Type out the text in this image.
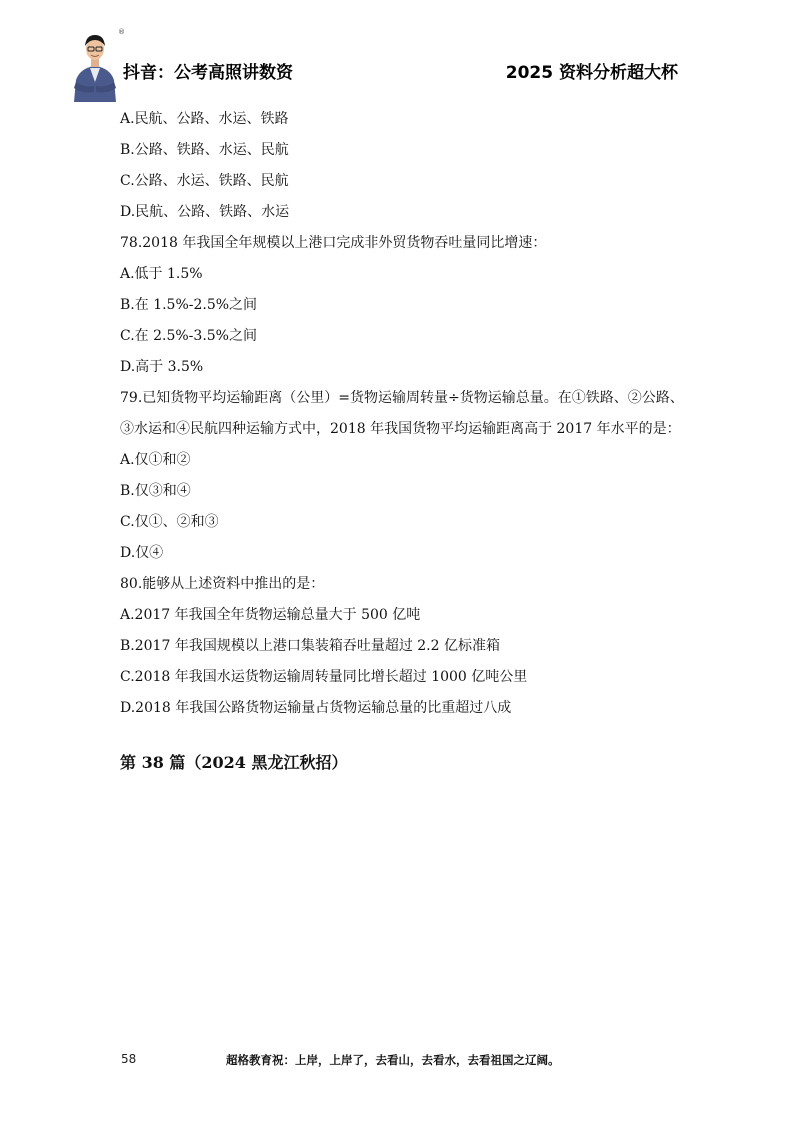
®
抖音：公考高照讲数资	2025 资料分析超大杯
A.民航、公路、水运、铁路
B.公路、铁路、水运、民航
C.公路、水运、铁路、民航
D.民航、公路、铁路、水运
78.2018 年我国全年规模以上港口完成非外贸货物吞吐量同比增速：
A.低于 1.5%
B.在 1.5%-2.5%之间
C.在 2.5%-3.5%之间
D.高于 3.5%
79.已知货物平均运输距离（公里）=货物运输周转量÷货物运输总量。在①铁路、②公路、
③水运和④民航四种运输方式中，2018 年我国货物平均运输距离高于 2017 年水平的是：
A.仅①和②
B.仅③和④
C.仅①、②和③
D.仅④
80.能够从上述资料中推出的是：
A.2017 年我国全年货物运输总量大于 500 亿吨
B.2017 年我国规模以上港口集装箱吞吐量超过 2.2 亿标准箱
C.2018 年我国水运货物运输周转量同比增长超过 1000 亿吨公里
D.2018 年我国公路货物运输量占货物运输总量的比重超过八成
第 38 篇（2024 黑龙江秋招）
58	超格教育祝：上岸，上岸了，去看山，去看水，去看祖国之辽阔。
